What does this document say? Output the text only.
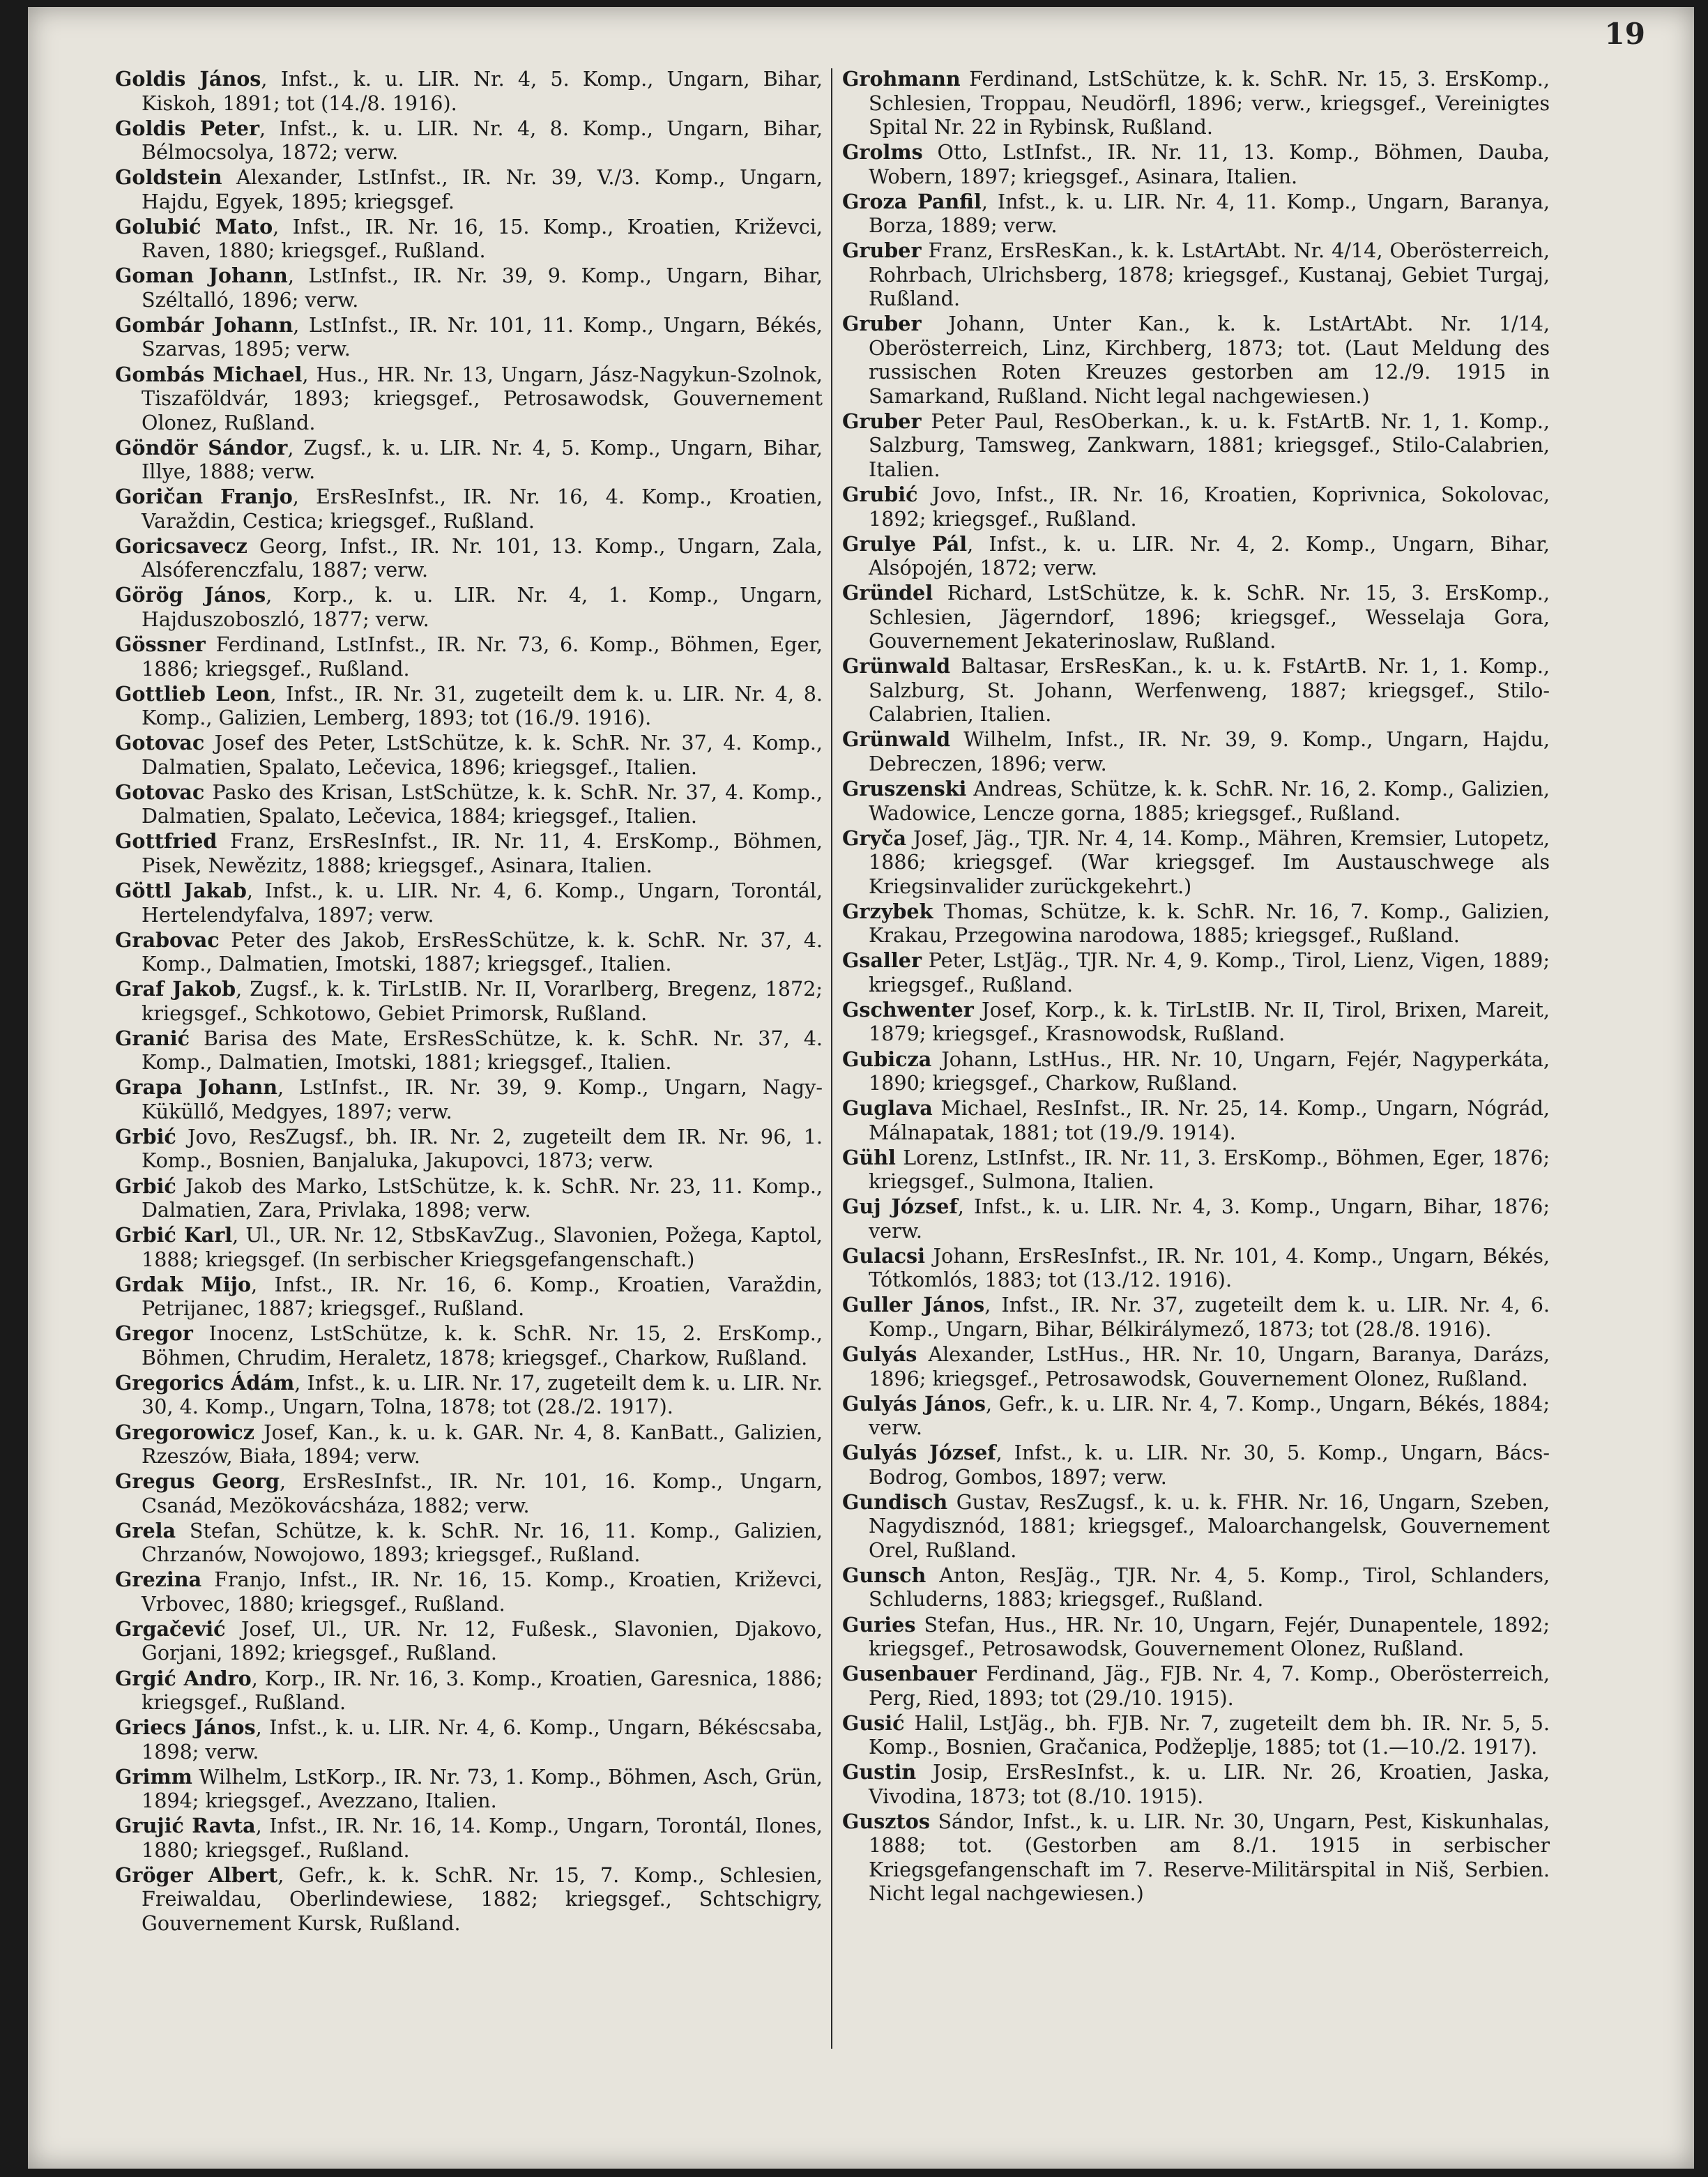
19

Goldis János, Infst., k. u. LIR. Nr. 4, 5. Komp., Ungarn, Bihar, Kiskoh, 1891; tot (14./8. 1916).

Goldis Peter, Infst., k. u. LIR. Nr. 4, 8. Komp., Ungarn, Bihar, Bélmocsolya, 1872; verw.

Goldstein Alexander, LstInfst., IR. Nr. 39, V./3. Komp., Ungarn, Hajdu, Egyek, 1895; kriegsgef.

Golubić Mato, Infst., IR. Nr. 16, 15. Komp., Kroatien, Križevci, Raven, 1880; kriegsgef., Rußland.

Goman Johann, LstInfst., IR. Nr. 39, 9. Komp., Ungarn, Bihar, Széltalló, 1896; verw.

Gombár Johann, LstInfst., IR. Nr. 101, 11. Komp., Ungarn, Békés, Szarvas, 1895; verw.

Gombás Michael, Hus., HR. Nr. 13, Ungarn, Jász-Nagykun-Szolnok, Tiszaföldvár, 1893; kriegsgef., Petrosawodsk, Gouvernement Olonez, Rußland.

Göndör Sándor, Zugsf., k. u. LIR. Nr. 4, 5. Komp., Ungarn, Bihar, Illye, 1888; verw.

Goričan Franjo, ErsResInfst., IR. Nr. 16, 4. Komp., Kroatien, Varaždin, Cestica; kriegsgef., Rußland.

Goricsavecz Georg, Infst., IR. Nr. 101, 13. Komp., Ungarn, Zala, Alsóferenczfalu, 1887; verw.

Görög János, Korp., k. u. LIR. Nr. 4, 1. Komp., Ungarn, Hajduszoboszló, 1877; verw.

Gössner Ferdinand, LstInfst., IR. Nr. 73, 6. Komp., Böhmen, Eger, 1886; kriegsgef., Rußland.

Gottlieb Leon, Infst., IR. Nr. 31, zugeteilt dem k. u. LIR. Nr. 4, 8. Komp., Galizien, Lemberg, 1893; tot (16./9. 1916).

Gotovac Josef des Peter, LstSchütze, k. k. SchR. Nr. 37, 4. Komp., Dalmatien, Spalato, Lečevica, 1896; kriegsgef., Italien.

Gotovac Pasko des Krisan, LstSchütze, k. k. SchR. Nr. 37, 4. Komp., Dalmatien, Spalato, Lečevica, 1884; kriegsgef., Italien.

Gottfried Franz, ErsResInfst., IR. Nr. 11, 4. ErsKomp., Böhmen, Pisek, Newězitz, 1888; kriegsgef., Asinara, Italien.

Göttl Jakab, Infst., k. u. LIR. Nr. 4, 6. Komp., Ungarn, Torontál, Hertelendyfalva, 1897; verw.

Grabovac Peter des Jakob, ErsResSchütze, k. k. SchR. Nr. 37, 4. Komp., Dalmatien, Imotski, 1887; kriegsgef., Italien.

Graf Jakob, Zugsf., k. k. TirLstIB. Nr. II, Vorarlberg, Bregenz, 1872; kriegsgef., Schkotowo, Gebiet Primorsk, Rußland.

Granić Barisa des Mate, ErsResSchütze, k. k. SchR. Nr. 37, 4. Komp., Dalmatien, Imotski, 1881; kriegsgef., Italien.

Grapa Johann, LstInfst., IR. Nr. 39, 9. Komp., Ungarn, Nagy-Küküllő, Medgyes, 1897; verw.

Grbić Jovo, ResZugsf., bh. IR. Nr. 2, zugeteilt dem IR. Nr. 96, 1. Komp., Bosnien, Banjaluka, Jakupovci, 1873; verw.

Grbić Jakob des Marko, LstSchütze, k. k. SchR. Nr. 23, 11. Komp., Dalmatien, Zara, Privlaka, 1898; verw.

Grbić Karl, Ul., UR. Nr. 12, StbsKavZug., Slavonien, Požega, Kaptol, 1888; kriegsgef. (In serbischer Kriegsgefangenschaft.)

Grdak Mijo, Infst., IR. Nr. 16, 6. Komp., Kroatien, Varaždin, Petrijanec, 1887; kriegsgef., Rußland.

Gregor Inocenz, LstSchütze, k. k. SchR. Nr. 15, 2. ErsKomp., Böhmen, Chrudim, Heraletz, 1878; kriegsgef., Charkow, Rußland.

Gregorics Ádám, Infst., k. u. LIR. Nr. 17, zugeteilt dem k. u. LIR. Nr. 30, 4. Komp., Ungarn, Tolna, 1878; tot (28./2. 1917).

Gregorowicz Josef, Kan., k. u. k. GAR. Nr. 4, 8. KanBatt., Galizien, Rzeszów, Biała, 1894; verw.

Gregus Georg, ErsResInfst., IR. Nr. 101, 16. Komp., Ungarn, Csanád, Mezökovácsháza, 1882; verw.

Grela Stefan, Schütze, k. k. SchR. Nr. 16, 11. Komp., Galizien, Chrzanów, Nowojowo, 1893; kriegsgef., Rußland.

Grezina Franjo, Infst., IR. Nr. 16, 15. Komp., Kroatien, Križevci, Vrbovec, 1880; kriegsgef., Rußland.

Grgačević Josef, Ul., UR. Nr. 12, Fußesk., Slavonien, Djakovo, Gorjani, 1892; kriegsgef., Rußland.

Grgić Andro, Korp., IR. Nr. 16, 3. Komp., Kroatien, Garesnica, 1886; kriegsgef., Rußland.

Griecs János, Infst., k. u. LIR. Nr. 4, 6. Komp., Ungarn, Békéscsaba, 1898; verw.

Grimm Wilhelm, LstKorp., IR. Nr. 73, 1. Komp., Böhmen, Asch, Grün, 1894; kriegsgef., Avezzano, Italien.

Grujić Ravta, Infst., IR. Nr. 16, 14. Komp., Ungarn, Torontál, Ilones, 1880; kriegsgef., Rußland.

Gröger Albert, Gefr., k. k. SchR. Nr. 15, 7. Komp., Schlesien, Freiwaldau, Oberlindewiese, 1882; kriegsgef., Schtschigry, Gouvernement Kursk, Rußland.

Grohmann Ferdinand, LstSchütze, k. k. SchR. Nr. 15, 3. ErsKomp., Schlesien, Troppau, Neudörfl, 1896; verw., kriegsgef., Vereinigtes Spital Nr. 22 in Rybinsk, Rußland.

Grolms Otto, LstInfst., IR. Nr. 11, 13. Komp., Böhmen, Dauba, Wobern, 1897; kriegsgef., Asinara, Italien.

Groza Panfil, Infst., k. u. LIR. Nr. 4, 11. Komp., Ungarn, Baranya, Borza, 1889; verw.

Gruber Franz, ErsResKan., k. k. LstArtAbt. Nr. 4/14, Oberösterreich, Rohrbach, Ulrichsberg, 1878; kriegsgef., Kustanaj, Gebiet Turgaj, Rußland.

Gruber Johann, Unter Kan., k. k. LstArtAbt. Nr. 1/14, Oberösterreich, Linz, Kirchberg, 1873; tot. (Laut Meldung des russischen Roten Kreuzes gestorben am 12./9. 1915 in Samarkand, Rußland. Nicht legal nachgewiesen.)

Gruber Peter Paul, ResOberkan., k. u. k. FstArtB. Nr. 1, 1. Komp., Salzburg, Tamsweg, Zankwarn, 1881; kriegsgef., Stilo-Calabrien, Italien.

Grubić Jovo, Infst., IR. Nr. 16, Kroatien, Koprivnica, Sokolovac, 1892; kriegsgef., Rußland.

Grulye Pál, Infst., k. u. LIR. Nr. 4, 2. Komp., Ungarn, Bihar, Alsópojén, 1872; verw.

Gründel Richard, LstSchütze, k. k. SchR. Nr. 15, 3. ErsKomp., Schlesien, Jägerndorf, 1896; kriegsgef., Wesselaja Gora, Gouvernement Jekaterinoslaw, Rußland.

Grünwald Baltasar, ErsResKan., k. u. k. FstArtB. Nr. 1, 1. Komp., Salzburg, St. Johann, Werfenweng, 1887; kriegsgef., Stilo-Calabrien, Italien.

Grünwald Wilhelm, Infst., IR. Nr. 39, 9. Komp., Ungarn, Hajdu, Debreczen, 1896; verw.

Gruszenski Andreas, Schütze, k. k. SchR. Nr. 16, 2. Komp., Galizien, Wadowice, Lencze gorna, 1885; kriegsgef., Rußland.

Gryča Josef, Jäg., TJR. Nr. 4, 14. Komp., Mähren, Kremsier, Lutopetz, 1886; kriegsgef. (War kriegsgef. Im Austauschwege als Kriegsinvalider zurückgekehrt.)

Grzybek Thomas, Schütze, k. k. SchR. Nr. 16, 7. Komp., Galizien, Krakau, Przegowina narodowa, 1885; kriegsgef., Rußland.

Gsaller Peter, LstJäg., TJR. Nr. 4, 9. Komp., Tirol, Lienz, Vigen, 1889; kriegsgef., Rußland.

Gschwenter Josef, Korp., k. k. TirLstIB. Nr. II, Tirol, Brixen, Mareit, 1879; kriegsgef., Krasnowodsk, Rußland.

Gubicza Johann, LstHus., HR. Nr. 10, Ungarn, Fejér, Nagyperkáta, 1890; kriegsgef., Charkow, Rußland.

Guglava Michael, ResInfst., IR. Nr. 25, 14. Komp., Ungarn, Nógrád, Málnapatak, 1881; tot (19./9. 1914).

Gühl Lorenz, LstInfst., IR. Nr. 11, 3. ErsKomp., Böhmen, Eger, 1876; kriegsgef., Sulmona, Italien.

Guj József, Infst., k. u. LIR. Nr. 4, 3. Komp., Ungarn, Bihar, 1876; verw.

Gulacsi Johann, ErsResInfst., IR. Nr. 101, 4. Komp., Ungarn, Békés, Tótkomlós, 1883; tot (13./12. 1916).

Guller János, Infst., IR. Nr. 37, zugeteilt dem k. u. LIR. Nr. 4, 6. Komp., Ungarn, Bihar, Bélkirálymező, 1873; tot (28./8. 1916).

Gulyás Alexander, LstHus., HR. Nr. 10, Ungarn, Baranya, Darázs, 1896; kriegsgef., Petrosawodsk, Gouvernement Olonez, Rußland.

Gulyás János, Gefr., k. u. LIR. Nr. 4, 7. Komp., Ungarn, Békés, 1884; verw.

Gulyás József, Infst., k. u. LIR. Nr. 30, 5. Komp., Ungarn, Bács-Bodrog, Gombos, 1897; verw.

Gundisch Gustav, ResZugsf., k. u. k. FHR. Nr. 16, Ungarn, Szeben, Nagydisznód, 1881; kriegsgef., Maloarchangelsk, Gouvernement Orel, Rußland.

Gunsch Anton, ResJäg., TJR. Nr. 4, 5. Komp., Tirol, Schlanders, Schluderns, 1883; kriegsgef., Rußland.

Guries Stefan, Hus., HR. Nr. 10, Ungarn, Fejér, Dunapentele, 1892; kriegsgef., Petrosawodsk, Gouvernement Olonez, Rußland.

Gusenbauer Ferdinand, Jäg., FJB. Nr. 4, 7. Komp., Oberösterreich, Perg, Ried, 1893; tot (29./10. 1915).

Gusić Halil, LstJäg., bh. FJB. Nr. 7, zugeteilt dem bh. IR. Nr. 5, 5. Komp., Bosnien, Gračanica, Podžeplje, 1885; tot (1.—10./2. 1917).

Gustin Josip, ErsResInfst., k. u. LIR. Nr. 26, Kroatien, Jaska, Vivodina, 1873; tot (8./10. 1915).

Gusztos Sándor, Infst., k. u. LIR. Nr. 30, Ungarn, Pest, Kiskunhalas, 1888; tot. (Gestorben am 8./1. 1915 in serbischer Kriegsgefangenschaft im 7. Reserve-Militärspital in Niš, Serbien. Nicht legal nachgewiesen.)
